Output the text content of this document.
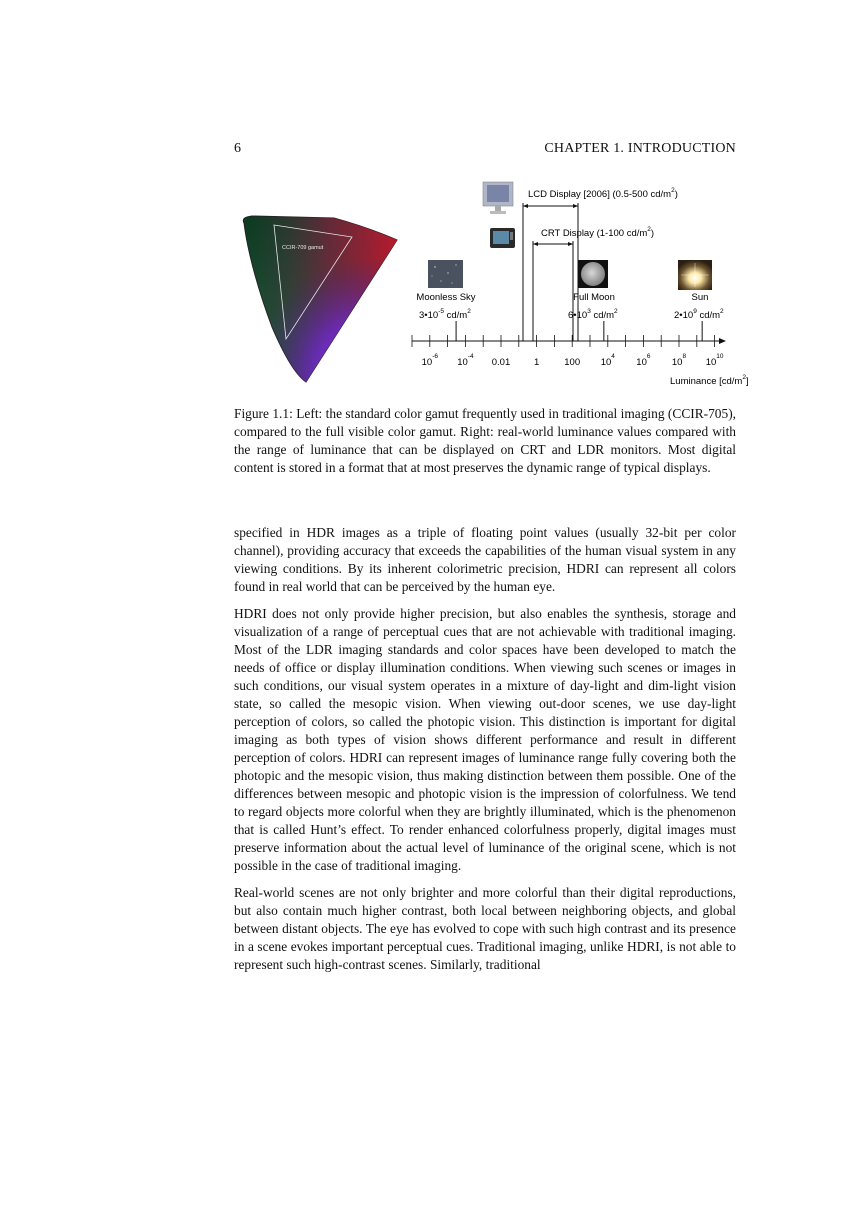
6	CHAPTER 1. INTRODUCTION
CCIR-709 gamut
LCD Display [2006] (0.5-500 $cd/m^2$)
CRT Display (1-100 $cd/m^2$)
Moonless Sky
$3•10^{-5}$ $cd/m^2$
Full Moon
$6•10^3$ $cd/m^2$
Sun
$2•10^9$ $cd/m^2$
$10^{-6}$
$10^{-4}$
0.01 1	100 $10^4$
$10^6$
$10^8$
$10^{10}$
Luminance $[cd/m^2]$
Figure 1.1: Left: the standard color gamut frequently used in traditional imaging (CCIR-705), compared to the full visible color gamut. Right: real-world luminance values compared with the range of luminance that can be displayed on CRT and LDR monitors. Most digital content is stored in a format that at most preserves the dynamic range of typical displays.

specified in HDR images as a triple of floating point values (usually 32-bit per color channel), providing accuracy that exceeds the capabilities of the human visual system in any viewing conditions. By its inherent colorimetric precision, HDRI can represent all colors found in real world that can be perceived by the human eye.

HDRI does not only provide higher precision, but also enables the synthesis, storage and visualization of a range of perceptual cues that are not achievable with traditional imaging. Most of the LDR imaging standards and color spaces have been developed to match the needs of office or display illumination conditions. When viewing such scenes or images in such conditions, our visual system operates in a mixture of day-light and dim-light vision state, so called the mesopic vision. When viewing out-door scenes, we use day-light perception of colors, so called the photopic vision. This distinction is important for digital imaging as both types of vision shows different performance and result in different perception of colors. HDRI can represent images of luminance range fully covering both the photopic and the mesopic vision, thus making distinction between them possible. One of the differences between mesopic and photopic vision is the impression of colorfulness. We tend to regard objects more colorful when they are brightly illuminated, which is the phenomenon that is called Hunt’s effect. To render enhanced colorfulness properly, digital images must preserve information about the actual level of luminance of the original scene, which is not possible in the case of traditional imaging.

Real-world scenes are not only brighter and more colorful than their digital reproductions, but also contain much higher contrast, both local between neighboring objects, and global between distant objects. The eye has evolved to cope with such high contrast and its presence in a scene evokes important perceptual cues. Traditional imaging, unlike HDRI, is not able to represent such high-contrast scenes. Similarly, traditional
